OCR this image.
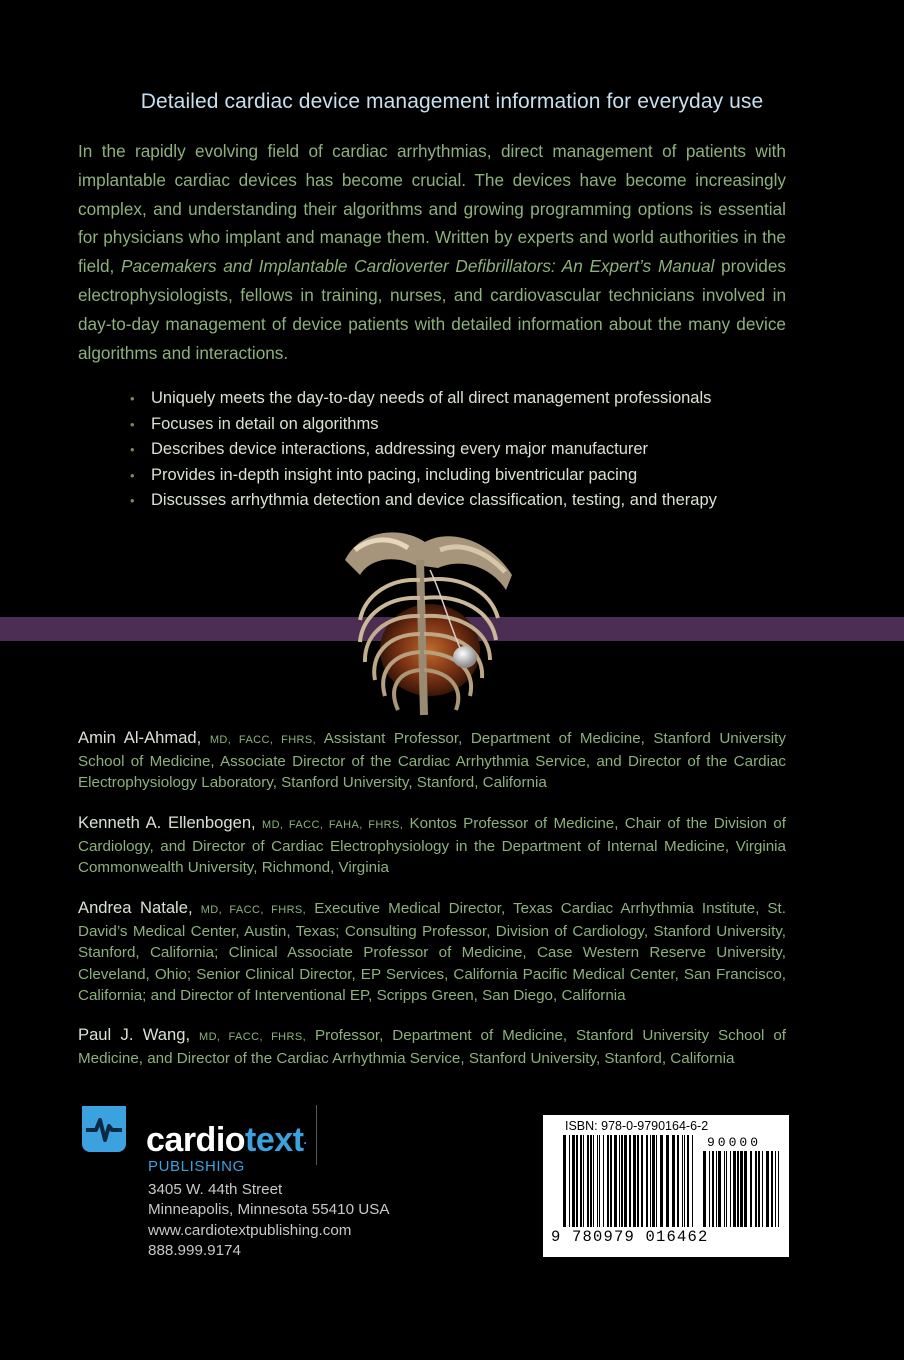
Detailed cardiac device management information for everyday use
In the rapidly evolving field of cardiac arrhythmias, direct management of patients with implantable cardiac devices has become crucial. The devices have become increasingly complex, and understanding their algorithms and growing programming options is essential for physicians who implant and manage them. Written by experts and world authorities in the field, Pacemakers and Implantable Cardioverter Defibrillators: An Expert’s Manual provides electrophysiologists, fellows in training, nurses, and cardiovascular technicians involved in day-to-day management of device patients with detailed information about the many device algorithms and interactions.
• Uniquely meets the day-to-day needs of all direct management professionals
• Focuses in detail on algorithms
• Describes device interactions, addressing every major manufacturer
• Provides in-depth insight into pacing, including biventricular pacing
• Discusses arrhythmia detection and device classification, testing, and therapy
Amin Al-Ahmad, MD, FACC, FHRS, Assistant Professor, Department of Medicine, Stanford University School of Medicine, Associate Director of the Cardiac Arrhythmia Service, and Director of the Cardiac Electrophysiology Laboratory, Stanford University, Stanford, California
Kenneth A. Ellenbogen, MD, FACC, FAHA, FHRS, Kontos Professor of Medicine, Chair of the Division of Cardiology, and Director of Cardiac Electrophysiology in the Department of Internal Medicine, Virginia Commonwealth University, Richmond, Virginia
Andrea Natale, MD, FACC, FHRS, Executive Medical Director, Texas Cardiac Arrhythmia Institute, St. David’s Medical Center, Austin, Texas; Consulting Professor, Division of Cardiology, Stanford University, Stanford, California; Clinical Associate Professor of Medicine, Case Western Reserve University, Cleveland, Ohio; Senior Clinical Director, EP Services, California Pacific Medical Center, San Francisco, California; and Director of Interventional EP, Scripps Green, San Diego, California
Paul J. Wang, MD, FACC, FHRS, Professor, Department of Medicine, Stanford University School of Medicine, and Director of the Cardiac Arrhythmia Service, Stanford University, Stanford, California
cardiotext.
PUBLISHING
3405 W. 44th Street
Minneapolis, Minnesota 55410 USA
www.cardiotextpublishing.com
888.999.9174
ISBN: 978-0-9790164-6-2
90000
9 780979 016462
